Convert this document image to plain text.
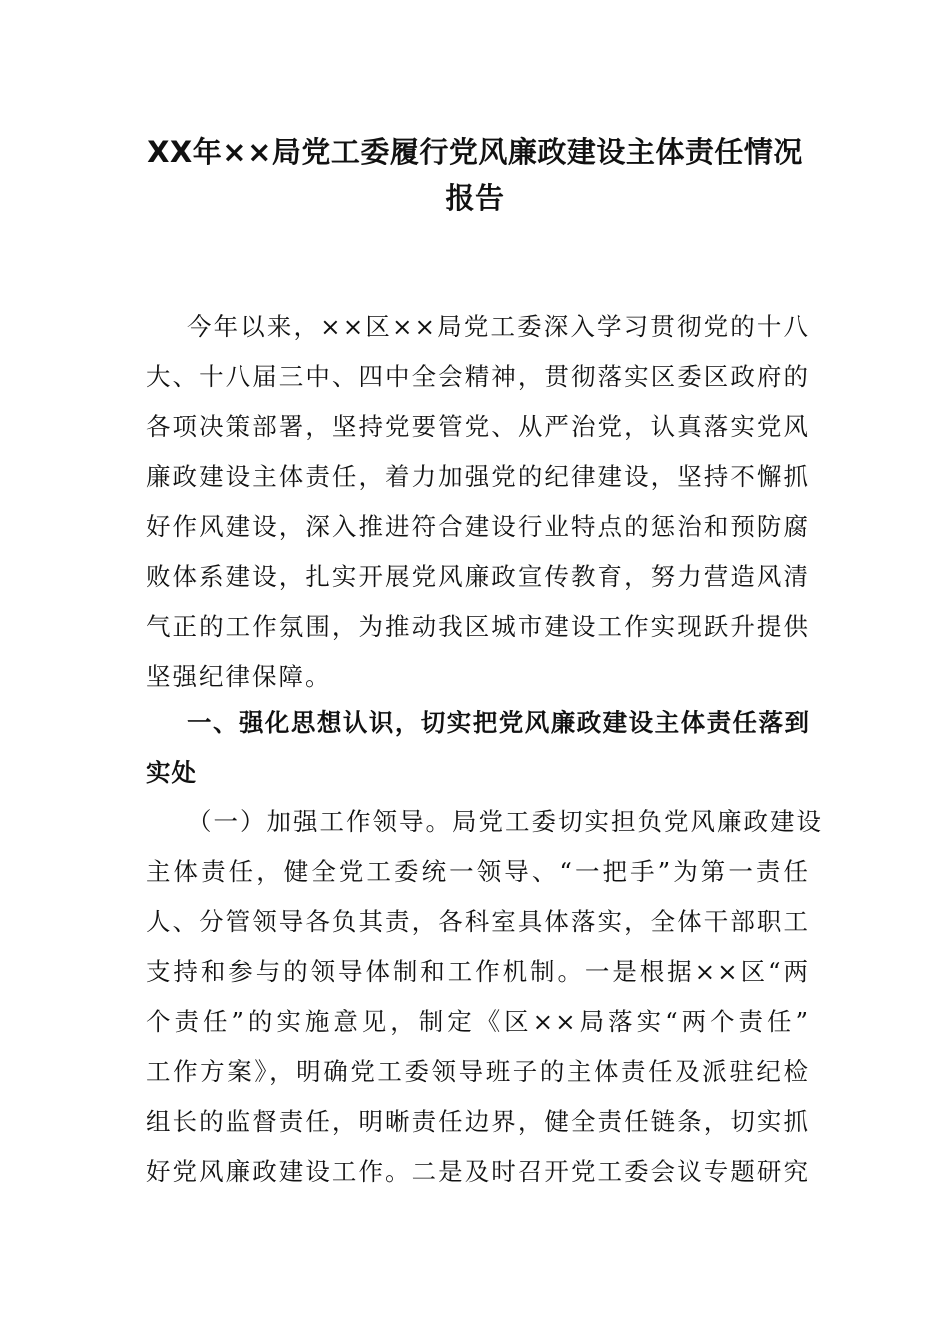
XX年××局党工委履行党风廉政建设主体责任情况
报告
今年以来，××区××局党工委深入学习贯彻党的十八
大、十八届三中、四中全会精神，贯彻落实区委区政府的
各项决策部署，坚持党要管党、从严治党，认真落实党风
廉政建设主体责任，着力加强党的纪律建设，坚持不懈抓
好作风建设，深入推进符合建设行业特点的惩治和预防腐
败体系建设，扎实开展党风廉政宣传教育，努力营造风清
气正的工作氛围，为推动我区城市建设工作实现跃升提供
坚强纪律保障。
一、强化思想认识，切实把党风廉政建设主体责任落到
实处
（一）加强工作领导。局党工委切实担负党风廉政建设
主体责任，健全党工委统一领导、“一把手”为第一责任
人、分管领导各负其责，各科室具体落实，全体干部职工
支持和参与的领导体制和工作机制。一是根据××区“两
个责任”的实施意见，制定《区××局落实“两个责任”
工作方案》，明确党工委领导班子的主体责任及派驻纪检
组长的监督责任，明晰责任边界，健全责任链条，切实抓
好党风廉政建设工作。二是及时召开党工委会议专题研究
